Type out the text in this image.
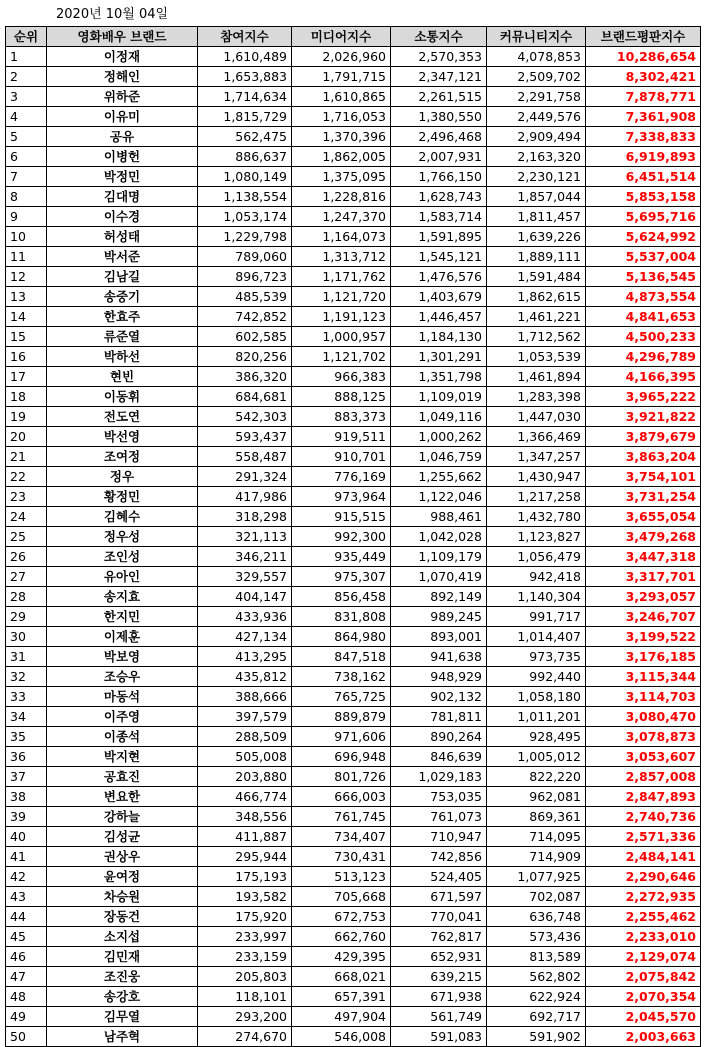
2020년 10월 04일
순위	영화배우 브랜드	참여지수	미디어지수	소통지수	커뮤니티지수	브랜드평판지수
1	이정재	1,610,489	2,026,960	2,570,353	4,078,853	10,286,654
2	정해인	1,653,883	1,791,715	2,347,121	2,509,702	8,302,421
3	위하준	1,714,634	1,610,865	2,261,515	2,291,758	7,878,771
4	이유미	1,815,729	1,716,053	1,380,550	2,449,576	7,361,908
5	공유	562,475	1,370,396	2,496,468	2,909,494	7,338,833
6	이병헌	886,637	1,862,005	2,007,931	2,163,320	6,919,893
7	박정민	1,080,149	1,375,095	1,766,150	2,230,121	6,451,514
8	김대명	1,138,554	1,228,816	1,628,743	1,857,044	5,853,158
9	이수경	1,053,174	1,247,370	1,583,714	1,811,457	5,695,716
10	허성태	1,229,798	1,164,073	1,591,895	1,639,226	5,624,992
11	박서준	789,060	1,313,712	1,545,121	1,889,111	5,537,004
12	김남길	896,723	1,171,762	1,476,576	1,591,484	5,136,545
13	송중기	485,539	1,121,720	1,403,679	1,862,615	4,873,554
14	한효주	742,852	1,191,123	1,446,457	1,461,221	4,841,653
15	류준열	602,585	1,000,957	1,184,130	1,712,562	4,500,233
16	박하선	820,256	1,121,702	1,301,291	1,053,539	4,296,789
17	현빈	386,320	966,383	1,351,798	1,461,894	4,166,395
18	이동휘	684,681	888,125	1,109,019	1,283,398	3,965,222
19	전도연	542,303	883,373	1,049,116	1,447,030	3,921,822
20	박선영	593,437	919,511	1,000,262	1,366,469	3,879,679
21	조여정	558,487	910,701	1,046,759	1,347,257	3,863,204
22	정우	291,324	776,169	1,255,662	1,430,947	3,754,101
23	황정민	417,986	973,964	1,122,046	1,217,258	3,731,254
24	김혜수	318,298	915,515	988,461	1,432,780	3,655,054
25	정우성	321,113	992,300	1,042,028	1,123,827	3,479,268
26	조인성	346,211	935,449	1,109,179	1,056,479	3,447,318
27	유아인	329,557	975,307	1,070,419	942,418	3,317,701
28	송지효	404,147	856,458	892,149	1,140,304	3,293,057
29	한지민	433,936	831,808	989,245	991,717	3,246,707
30	이제훈	427,134	864,980	893,001	1,014,407	3,199,522
31	박보영	413,295	847,518	941,638	973,735	3,176,185
32	조승우	435,812	738,162	948,929	992,440	3,115,344
33	마동석	388,666	765,725	902,132	1,058,180	3,114,703
34	이주영	397,579	889,879	781,811	1,011,201	3,080,470
35	이종석	288,509	971,606	890,264	928,495	3,078,873
36	박지현	505,008	696,948	846,639	1,005,012	3,053,607
37	공효진	203,880	801,726	1,029,183	822,220	2,857,008
38	변요한	466,774	666,003	753,035	962,081	2,847,893
39	강하늘	348,556	761,745	761,073	869,361	2,740,736
40	김성균	411,887	734,407	710,947	714,095	2,571,336
41	권상우	295,944	730,431	742,856	714,909	2,484,141
42	윤여정	175,193	513,123	524,405	1,077,925	2,290,646
43	차승원	193,582	705,668	671,597	702,087	2,272,935
44	장동건	175,920	672,753	770,041	636,748	2,255,462
45	소지섭	233,997	662,760	762,817	573,436	2,233,010
46	김민재	233,159	429,395	652,931	813,589	2,129,074
47	조진웅	205,803	668,021	639,215	562,802	2,075,842
48	송강호	118,101	657,391	671,938	622,924	2,070,354
49	김무열	293,200	497,904	561,749	692,717	2,045,570
50	남주혁	274,670	546,008	591,083	591,902	2,003,663
